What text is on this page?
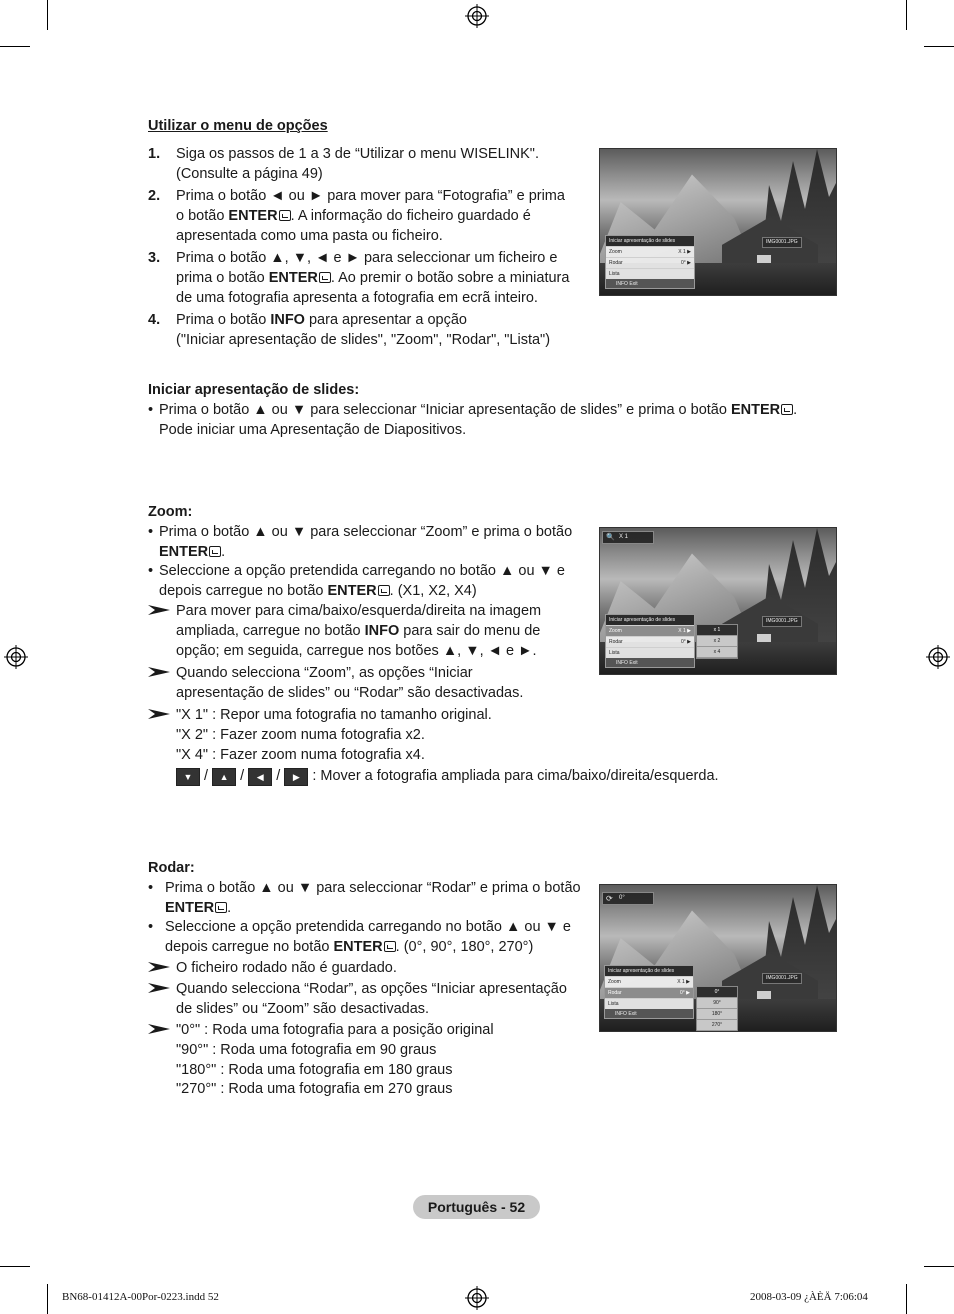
Utilizar o menu de opções
1. Siga os passos de 1 a 3 de “Utilizar o menu WISELINK".
(Consulte a página 49)
2. Prima o botão ◄ ou ► para mover para “Fotografia” e prima
o botão ENTER . A informação do ficheiro guardado é
apresentada como uma pasta ou ficheiro.
3. Prima o botão ▲, ▼, ◄ e ► para seleccionar um ficheiro e
prima o botão ENTER . Ao premir o botão sobre a miniatura
de uma fotografia apresenta a fotografia em ecrã inteiro.
4. Prima o botão INFO para apresentar a opção
("Iniciar apresentação de slides", "Zoom", "Rodar", "Lista")
IMG0001.JPG
Iniciar apresentação de slides
Zoom	X 1 ▶
Rodar	0° ▶
Lista
INFO Exit
Iniciar apresentação de slides:
• Prima o botão ▲ ou ▼ para seleccionar “Iniciar apresentação de slides” e prima o botão ENTER .
Pode iniciar uma Apresentação de Diapositivos.
Zoom:
• Prima o botão ▲ ou ▼ para seleccionar “Zoom” e prima o botão
ENTER .
• Seleccione a opção pretendida carregando no botão ▲ ou ▼ e
depois carregue no botão ENTER . (X1, X2, X4)
Para mover para cima/baixo/esquerda/direita na imagem
ampliada, carregue no botão INFO para sair do menu de
opção; em seguida, carregue nos botões ▲, ▼, ◄ e ►.
Quando selecciona “Zoom”, as opções “Iniciar
apresentação de slides” ou “Rodar” são desactivadas.
"X 1" : Repor uma fotografia no tamanho original.
"X 2" : Fazer zoom numa fotografia x2.
"X 4" : Fazer zoom numa fotografia x4.
▼ / ▲ / ◀ / ▶ : Mover a fotografia ampliada para cima/baixo/direita/esquerda.
🔍 X 1
IMG0001.JPG
Iniciar apresentação de slides
Zoom	X 1 ▶
Rodar	0° ▶
Lista
INFO Exit
x 1
x 2
x 4
Rodar:
• Prima o botão ▲ ou ▼ para seleccionar “Rodar” e prima o botão
ENTER .
• Seleccione a opção pretendida carregando no botão ▲ ou ▼ e
depois carregue no botão ENTER . (0°, 90°, 180°, 270°)
O ficheiro rodado não é guardado.
Quando selecciona “Rodar”, as opções “Iniciar apresentação
de slides” ou “Zoom” são desactivadas.
"0°" : Roda uma fotografia para a posição original
"90°" : Roda uma fotografia em 90 graus
"180°" : Roda uma fotografia em 180 graus
"270°" : Roda uma fotografia em 270 graus
⟳ 0°
IMG0001.JPG
Iniciar apresentação de slides
Zoom	X 1 ▶
Rodar	0° ▶
Lista
INFO Exit
0°
90°
180°
270°
Português - 52
BN68-01412A-00Por-0223.indd 52	2008-03-09 ¿ÀÈÄ 7:06:04
